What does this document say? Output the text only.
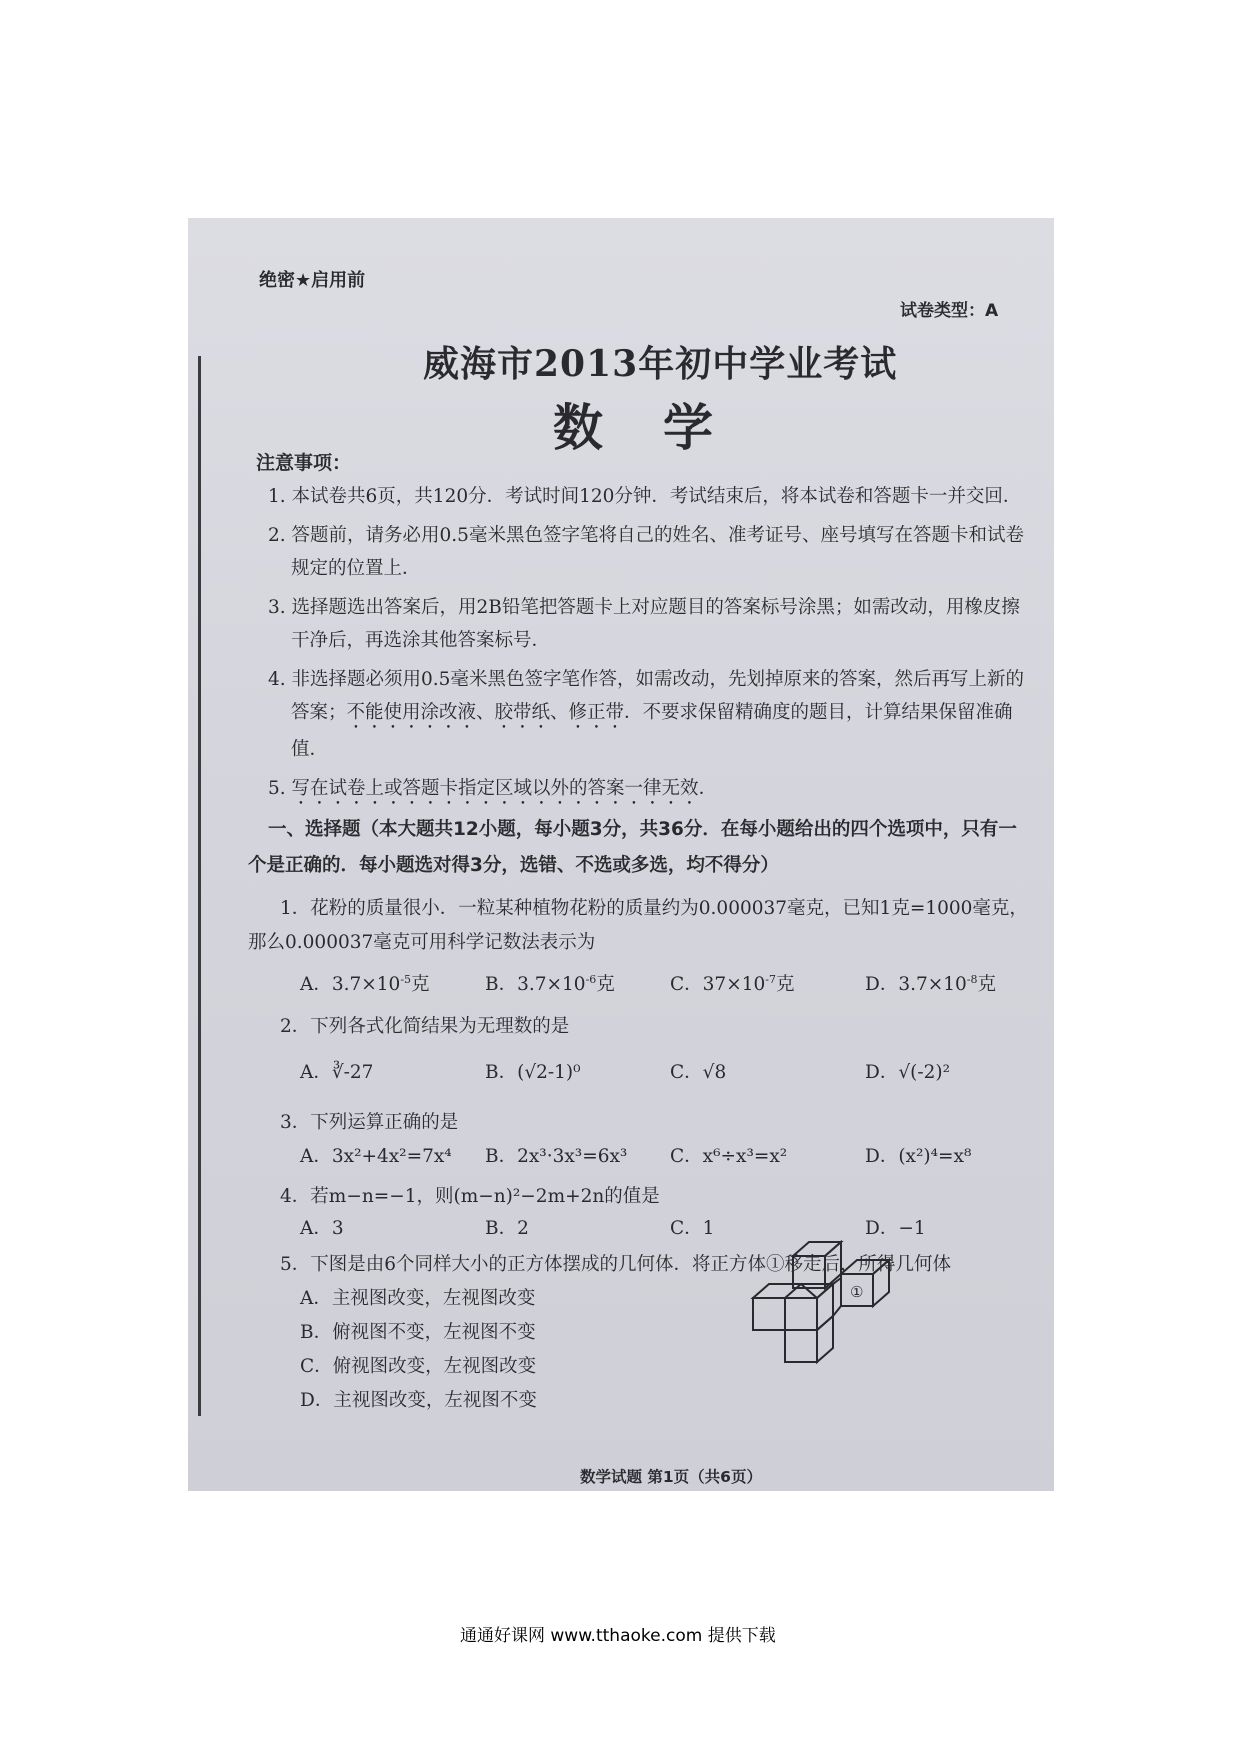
绝密★启用前
试卷类型：A
威海市2013年初中学业考试
数学
注意事项：
1. 本试卷共6页，共120分．考试时间120分钟．考试结束后，将本试卷和答题卡一并交回．
2. 答题前，请务必用0.5毫米黑色签字笔将自己的姓名、准考证号、座号填写在答题卡和试卷规定的位置上．
3. 选择题选出答案后，用2B铅笔把答题卡上对应题目的答案标号涂黑；如需改动，用橡皮擦干净后，再选涂其他答案标号．
4. 非选择题必须用0.5毫米黑色签字笔作答，如需改动，先划掉原来的答案，然后再写上新的答案；不能使用涂改液、胶带纸、修正带．不要求保留精确度的题目，计算结果保留准确值．
5. 写在试卷上或答题卡指定区域以外的答案一律无效．
一、选择题（本大题共12小题，每小题3分，共36分．在每小题给出的四个选项中，只有一个是正确的．每小题选对得3分，选错、不选或多选，均不得分）
1．花粉的质量很小．一粒某种植物花粉的质量约为0.000037毫克，已知1克=1000毫克，那么0.000037毫克可用科学记数法表示为
A．$3.7\times 10^{-5}$克	B．$3.7\times 10^{-6}$克	C．$37\times 10^{-7}$克	D．$3.7\times 10^{-8}$克
2．下列各式化简结果为无理数的是
A．∛-27	B．(√2-1)⁰	C．√8	D．√(-2)²
3．下列运算正确的是
A．3x²+4x²=7x⁴ B．2x³·3x³=6x³ C．x⁶÷x³=x²	D．(x²)⁴=x⁸
4．若m−n=−1，则(m−n)²−2m+2n的值是
A．3	B．2	C．1	D．−1
5．下图是由6个同样大小的正方体摆成的几何体．将正方体①移走后，所得几何体
A．主视图改变，左视图改变
B．俯视图不变，左视图不变
C．俯视图改变，左视图改变
D．主视图改变，左视图不变
①
数学试题 第1页（共6页）
通通好课网 www.tthaoke.com 提供下载
